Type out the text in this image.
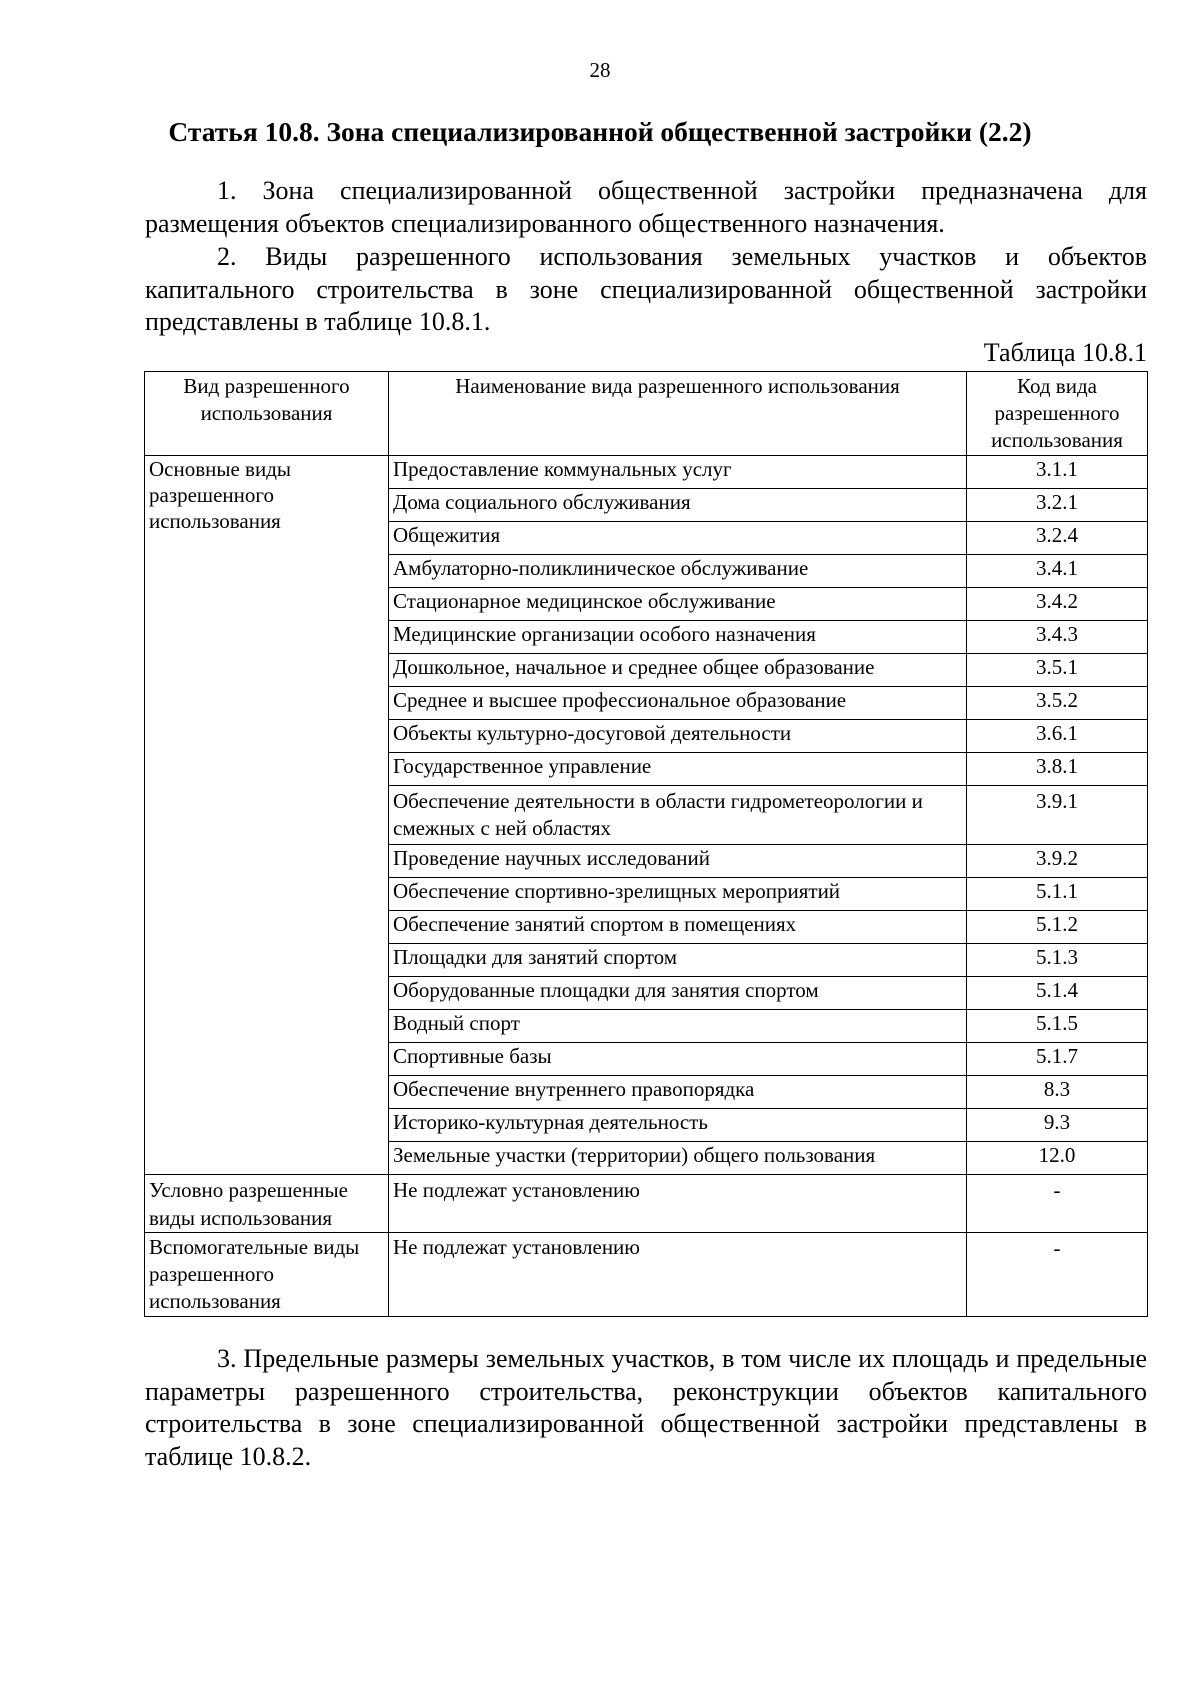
28
Статья 10.8. Зона специализированной общественной застройки (2.2)

1. Зона специализированной общественной застройки предназначена для размещения объектов специализированного общественного назначения.

2. Виды разрешенного использования земельных участков и объектов капитального строительства в зоне специализированной общественной застройки представлены в таблице 10.8.1.

Таблица 10.8.1
Вид разрешенного использования	Наименование вида разрешенного использования	Код вида разрешенного использования
Основные виды разрешенного использования	Предоставление коммунальных услуг	3.1.1
	Дома социального обслуживания	3.2.1
	Общежития	3.2.4
	Амбулаторно-поликлиническое обслуживание	3.4.1
	Стационарное медицинское обслуживание	3.4.2
	Медицинские организации особого назначения	3.4.3
	Дошкольное, начальное и среднее общее образование	3.5.1
	Среднее и высшее профессиональное образование	3.5.2
	Объекты культурно-досуговой деятельности	3.6.1
	Государственное управление	3.8.1
	Обеспечение деятельности в области гидрометеорологии и смежных с ней областях	3.9.1
	Проведение научных исследований	3.9.2
	Обеспечение спортивно-зрелищных мероприятий	5.1.1
	Обеспечение занятий спортом в помещениях	5.1.2
	Площадки для занятий спортом	5.1.3
	Оборудованные площадки для занятия спортом	5.1.4
	Водный спорт	5.1.5
	Спортивные базы	5.1.7
	Обеспечение внутреннего правопорядка	8.3
	Историко-культурная деятельность	9.3
	Земельные участки (территории) общего пользования	12.0
Условно разрешенные виды использования	Не подлежат установлению	-
Вспомогательные виды разрешенного использования	Не подлежат установлению	-

3. Предельные размеры земельных участков, в том числе их площадь и предельные параметры разрешенного строительства, реконструкции объектов капитального строительства в зоне специализированной общественной застройки представлены в таблице 10.8.2.
